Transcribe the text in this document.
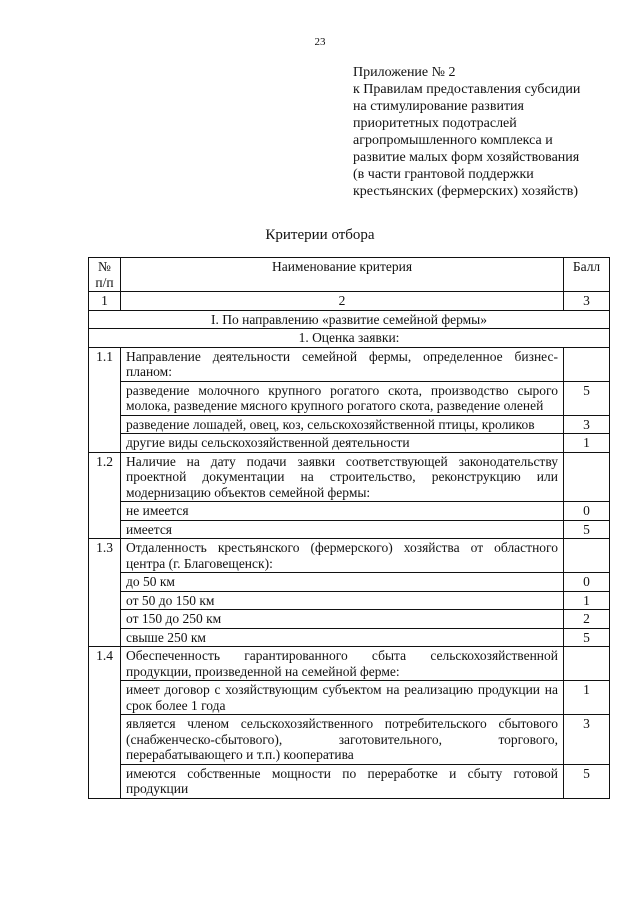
23
Приложение № 2
к Правилам предоставления субсидии
на стимулирование развития
приоритетных подотраслей
агропромышленного комплекса и
развитие малых форм хозяйствования
(в части грантовой поддержки
крестьянских (фермерских) хозяйств)
Критерии отбора
№ п/п	Наименование критерия	Балл
1	2	3
I. По направлению «развитие семейной фермы»		
1. Оценка заявки:		
1.1	Направление деятельности семейной фермы, определенное бизнес-планом:	
	разведение молочного крупного рогатого скота, производство сырого молока, разведение мясного крупного рогатого скота, разведение оленей	5
	разведение лошадей, овец, коз, сельскохозяйственной птицы, кроликов	3
	другие виды сельскохозяйственной деятельности	1
1.2	Наличие на дату подачи заявки соответствующей законодательству проектной документации на строительство, реконструкцию или модернизацию объектов семейной фермы:	
	не имеется	0
	имеется	5
1.3	Отдаленность крестьянского (фермерского) хозяйства от областного центра (г. Благовещенск):	
	до 50 км	0
	от 50 до 150 км	1
	от 150 до 250 км	2
	свыше 250 км	5
1.4	Обеспеченность гарантированного сбыта сельскохозяйственной продукции, произведенной на семейной ферме:	
	имеет договор с хозяйствующим субъектом на реализацию продукции на срок более 1 года	1
	является членом сельскохозяйственного потребительского сбытового (снабженческо-сбытового), заготовительного, торгового, перерабатывающего и т.п.) кооператива	3
	имеются собственные мощности по переработке и сбыту готовой продукции	5
